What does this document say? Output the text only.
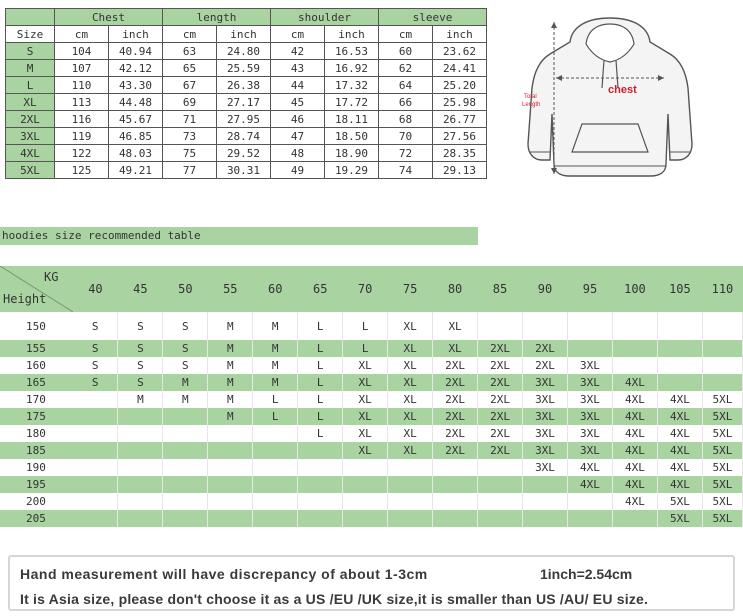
	Chest		length		shoulder		sleeve	
Size	cm	inch	cm	inch	cm	inch	cm	inch
S	104	40.94	63	24.80	42	16.53	60	23.62
M	107	42.12	65	25.59	43	16.92	62	24.41
L	110	43.30	67	26.38	44	17.32	64	25.20
XL	113	44.48	69	27.17	45	17.72	66	25.98
2XL	116	45.67	71	27.95	46	18.11	68	26.77
3XL	119	46.85	73	28.74	47	18.50	70	27.56
4XL	122	48.03	75	29.52	48	18.90	72	28.35
5XL	125	49.21	77	30.31	49	19.29	74	29.13
chest
Total
Length
hoodies size recommended table
KG
Height	40	45	50	55	60	65	70	75	80	85	90	95	100	105	110
150	S	S	S	M	M	L	L	XL	XL						
155	S	S	S	M	M	L	L	XL	XL	2XL	2XL				
160	S	S	S	M	M	L	XL	XL	2XL	2XL	2XL	3XL			
165	S	S	M	M	M	L	XL	XL	2XL	2XL	3XL	3XL	4XL		
170		M	M	M	L	L	XL	XL	2XL	2XL	3XL	3XL	4XL	4XL	5XL
175				M	L	L	XL	XL	2XL	2XL	3XL	3XL	4XL	4XL	5XL
180						L	XL	XL	2XL	2XL	3XL	3XL	4XL	4XL	5XL
185							XL	XL	2XL	2XL	3XL	3XL	4XL	4XL	5XL
190											3XL	4XL	4XL	4XL	5XL
195												4XL	4XL	4XL	5XL
200													4XL	5XL	5XL
205														5XL	5XL
Hand measurement will have discrepancy of about 1-3cm	1inch=2.54cm
It is Asia size, please don't choose it as a US /EU /UK size,it is smaller than US /AU/ EU size.
